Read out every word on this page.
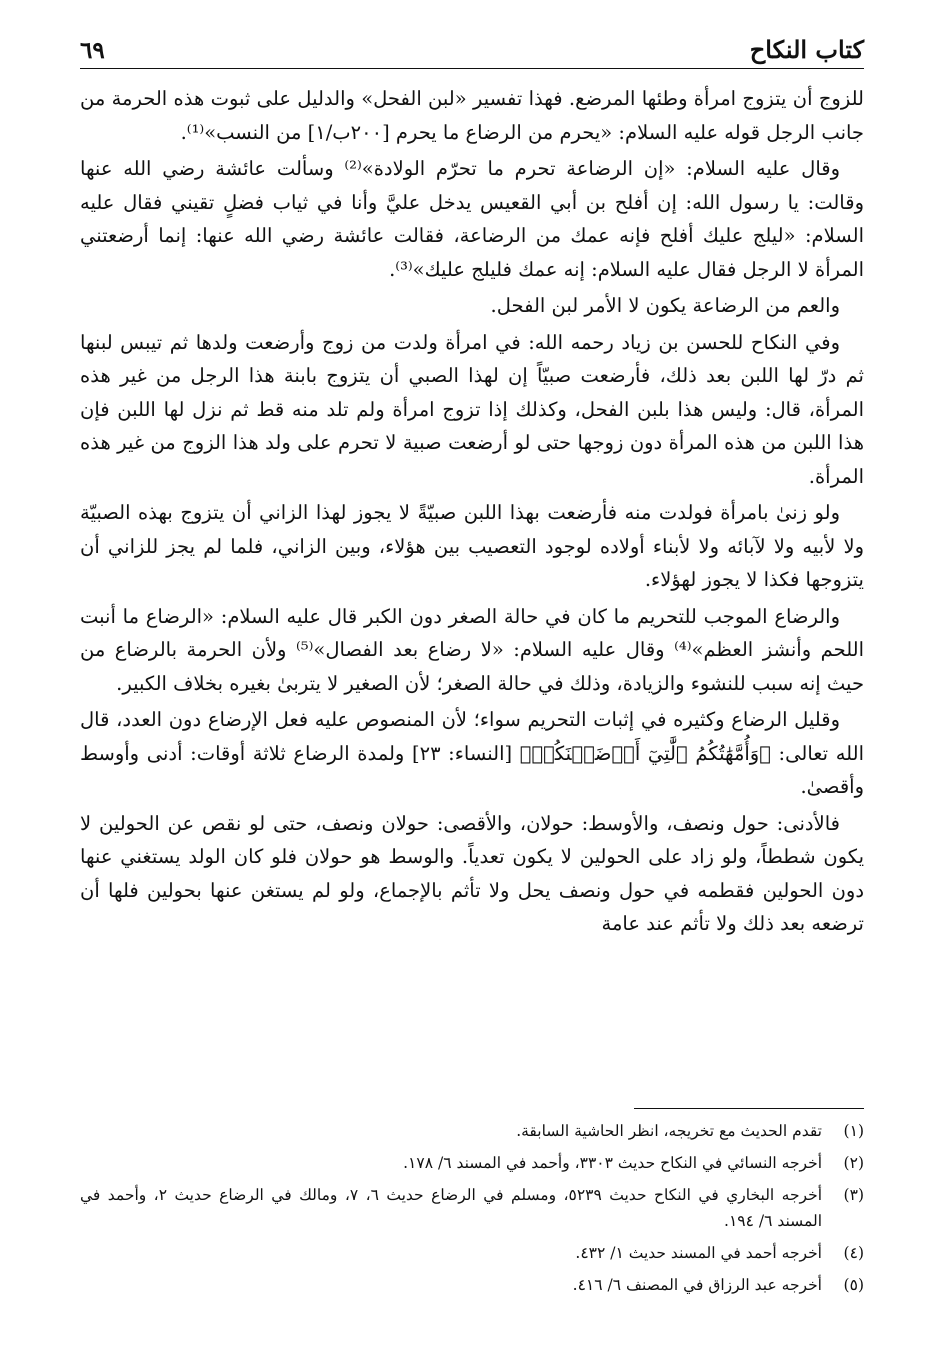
كتاب النكاح
٦٩

للزوج أن يتزوج امرأة وطئها المرضع. فهذا تفسير «لبن الفحل» والدليل على ثبوت هذه الحرمة من جانب الرجل قوله عليه السلام: «يحرم من الرضاع ما يحرم [٢٠٠ب/١] من النسب»⁽¹⁾.

وقال عليه السلام: «إن الرضاعة تحرم ما تحرّم الولادة»⁽²⁾ وسألت عائشة رضي الله عنها وقالت: يا رسول الله: إن أفلح بن أبي القعيس يدخل عليَّ وأنا في ثياب فضلٍ تقيني فقال عليه السلام: «ليلج عليك أفلح فإنه عمك من الرضاعة، فقالت عائشة رضي الله عنها: إنما أرضعتني المرأة لا الرجل فقال عليه السلام: إنه عمك فليلج عليك»⁽³⁾.

والعم من الرضاعة يكون لا الأمر لبن الفحل.

وفي النكاح للحسن بن زياد رحمه الله: في امرأة ولدت من زوج وأرضعت ولدها ثم تيبس لبنها ثم درّ لها اللبن بعد ذلك، فأرضعت صبيّاً إن لهذا الصبي أن يتزوج بابنة هذا الرجل من غير هذه المرأة، قال: وليس هذا بلبن الفحل، وكذلك إذا تزوج امرأة ولم تلد منه قط ثم نزل لها اللبن فإن هذا اللبن من هذه المرأة دون زوجها حتى لو أرضعت صبية لا تحرم على ولد هذا الزوج من غير هذه المرأة.

ولو زنىٰ بامرأة فولدت منه فأرضعت بهذا اللبن صبيّةً لا يجوز لهذا الزاني أن يتزوج بهذه الصبيّة ولا لأبيه ولا لآبائه ولا لأبناء أولاده لوجود التعصيب بين هؤلاء، وبين الزاني، فلما لم يجز للزاني أن يتزوجها فكذا لا يجوز لهؤلاء.

والرضاع الموجب للتحريم ما كان في حالة الصغر دون الكبر قال عليه السلام: «الرضاع ما أنبت اللحم وأنشز العظم»⁽⁴⁾ وقال عليه السلام: «لا رضاع بعد الفصال»⁽⁵⁾ ولأن الحرمة بالرضاع من حيث إنه سبب للنشوء والزيادة، وذلك في حالة الصغر؛ لأن الصغير لا يتربىٰ بغيره بخلاف الكبير.

وقليل الرضاع وكثيره في إثبات التحريم سواء؛ لأن المنصوص عليه فعل الإرضاع دون العدد، قال الله تعالى: ﴿وَأُمَّهَٰتُكُمُ ٱلَّٰتِيٓ أَرۡضَعۡنَكُمۡ﴾ [النساء: ٢٣] ولمدة الرضاع ثلاثة أوقات: أدنى وأوسط وأقصىٰ.

فالأدنى: حول ونصف، والأوسط: حولان، والأقصى: حولان ونصف، حتى لو نقص عن الحولين لا يكون شططاً، ولو زاد على الحولين لا يكون تعدياً. والوسط هو حولان فلو كان الولد يستغني عنها دون الحولين فقطمه في حول ونصف يحل ولا تأثم بالإجماع، ولو لم يستغن عنها بحولين فلها أن ترضعه بعد ذلك ولا تأثم عند عامة

(١)
تقدم الحديث مع تخريجه، انظر الحاشية السابقة.
(٢)
أخرجه النسائي في النكاح حديث ٣٣٠٣، وأحمد في المسند ٦/ ١٧٨.
(٣)
أخرجه البخاري في النكاح حديث ٥٢٣٩، ومسلم في الرضاع حديث ٦، ٧، ومالك في الرضاع حديث ٢، وأحمد في المسند ٦/ ١٩٤.
(٤)
أخرجه أحمد في المسند حديث ١/ ٤٣٢.
(٥)
أخرجه عبد الرزاق في المصنف ٦/ ٤١٦.
